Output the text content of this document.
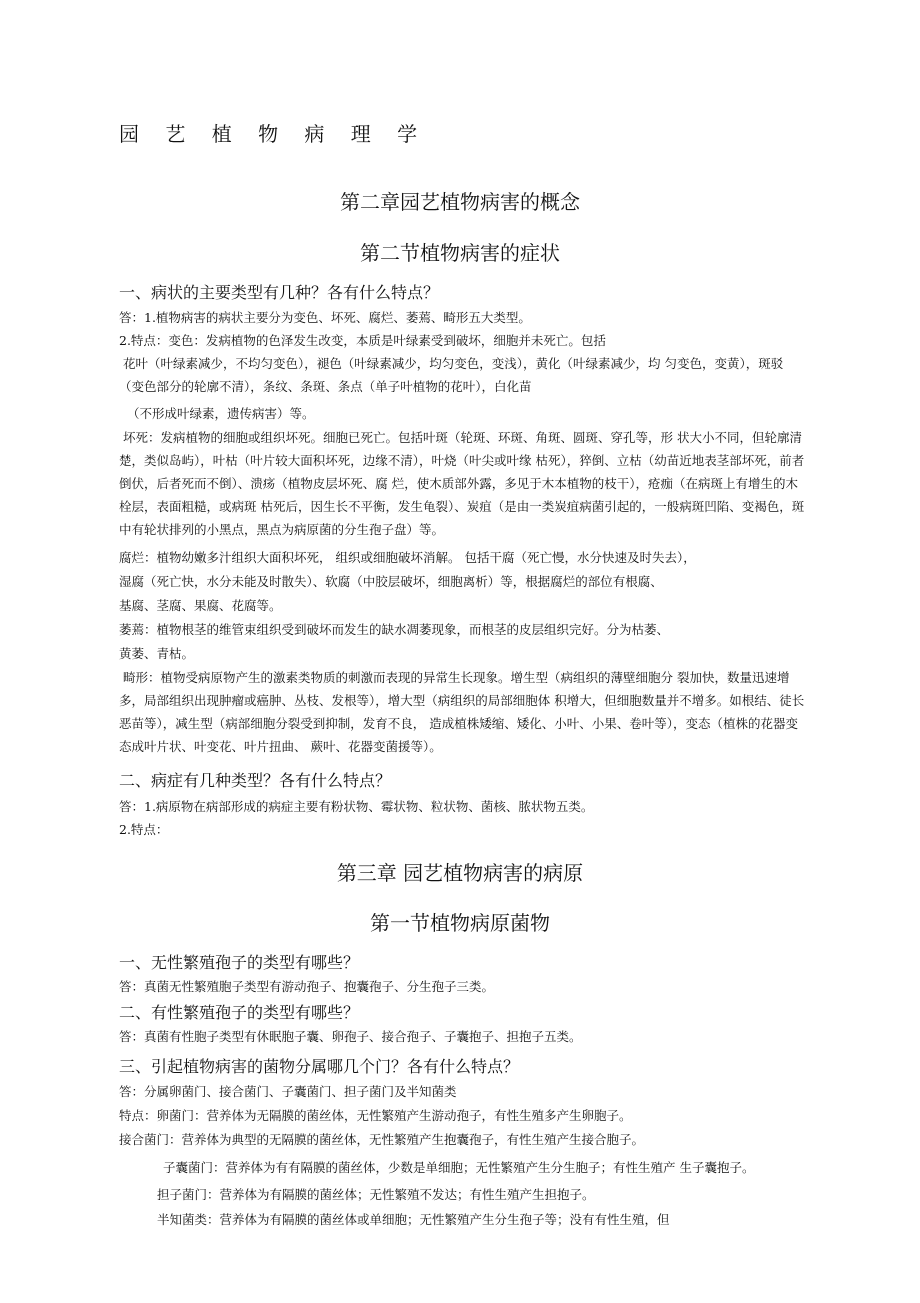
园 艺 植 物 病 理 学
第二章园艺植物病害的概念
第二节植物病害的症状
一、病状的主要类型有几种？各有什么特点？

答：1.植物病害的病状主要分为变色、坏死、腐烂、萎蔫、畸形五大类型。

2.特点：变色：发病植物的色泽发生改变，本质是叶绿素受到破坏，细胞并未死亡。包括

花叶（叶绿素减少，不均匀变色），褪色（叶绿素减少，均匀变色，变浅），黄化（叶绿素减少，均 匀变色，变黄），斑驳（变色部分的轮廓不清），条纹、条斑、条点（单子叶植物的花叶），白化苗

（不形成叶绿素，遗传病害）等。

坏死：发病植物的细胞或组织坏死。细胞已死亡。包括叶斑（轮斑、环斑、角斑、圆斑、穿孔等，形 状大小不同，但轮廓清楚，类似岛屿），叶枯（叶片较大面积坏死，边缘不清），叶烧（叶尖或叶缘 枯死），猝倒、立枯（幼苗近地表茎部坏死，前者倒伏，后者死而不倒）、溃疡（植物皮层坏死、腐 烂，使木质部外露，多见于木本植物的枝干），疮痂（在病斑上有增生的木栓层，表面粗糙，或病斑 枯死后，因生长不平衡，发生龟裂）、炭疽（是由一类炭疽病菌引起的，一般病斑凹陷、变褐色，斑 中有轮状排列的小黑点，黑点为病原菌的分生孢子盘）等。

腐烂：植物幼嫩多汁组织大面积坏死， 组织或细胞破坏消解。 包括干腐（死亡慢，水分快速及时失去），

湿腐（死亡快，水分未能及时散失）、软腐（中胶层破坏，细胞离析）等，根据腐烂的部位有根腐、

基腐、茎腐、果腐、花腐等。

萎蔫：植物根茎的维管束组织受到破坏而发生的缺水凋萎现象，而根茎的皮层组织完好。分为枯萎、

黄萎、青枯。

畸形：植物受病原物产生的激素类物质的刺激而表现的异常生长现象。增生型（病组织的薄壁细胞分 裂加快，数量迅速增多，局部组织出现肿瘤或癌肿、丛枝、发根等），增大型（病组织的局部细胞体 积增大，但细胞数量并不增多。如根结、徒长恶苗等），减生型（病部细胞分裂受到抑制，发育不良， 造成植株矮缩、矮化、小叶、小果、卷叶等），变态（植株的花器变态成叶片状、叶变花、叶片扭曲、 蕨叶、花器变菌援等）。

二、病症有几种类型？各有什么特点？

答：1.病原物在病部形成的病症主要有粉状物、霉状物、粒状物、菌核、脓状物五类。

2.特点：

第三章 园艺植物病害的病原
第一节植物病原菌物
一、无性繁殖孢子的类型有哪些？

答：真菌无性繁殖胞子类型有游动孢子、抱囊孢子、分生孢子三类。

二、有性繁殖孢子的类型有哪些？

答：真菌有性胞子类型有休眠胞子囊、卵孢子、接合孢子、子囊抱子、担抱子五类。

三、引起植物病害的菌物分属哪几个门？各有什么特点？

答：分属卵菌门、接合菌门、子囊菌门、担子菌门及半知菌类

特点：卵菌门：营养体为无隔膜的菌丝体，无性繁殖产生游动孢子，有性生殖多产生卵胞子。

接合菌门：营养体为典型的无隔膜的菌丝体，无性繁殖产生抱囊孢子，有性生殖产生接合胞子。

子囊菌门：营养体为有有隔膜的菌丝体，少数是单细胞；无性繁殖产生分生胞子；有性生殖产 生子囊抱子。

担子菌门：营养体为有隔膜的菌丝体；无性繁殖不发达；有性生殖产生担抱子。

半知菌类：营养体为有隔膜的菌丝体或单细胞；无性繁殖产生分生孢子等；没有有性生殖，但
